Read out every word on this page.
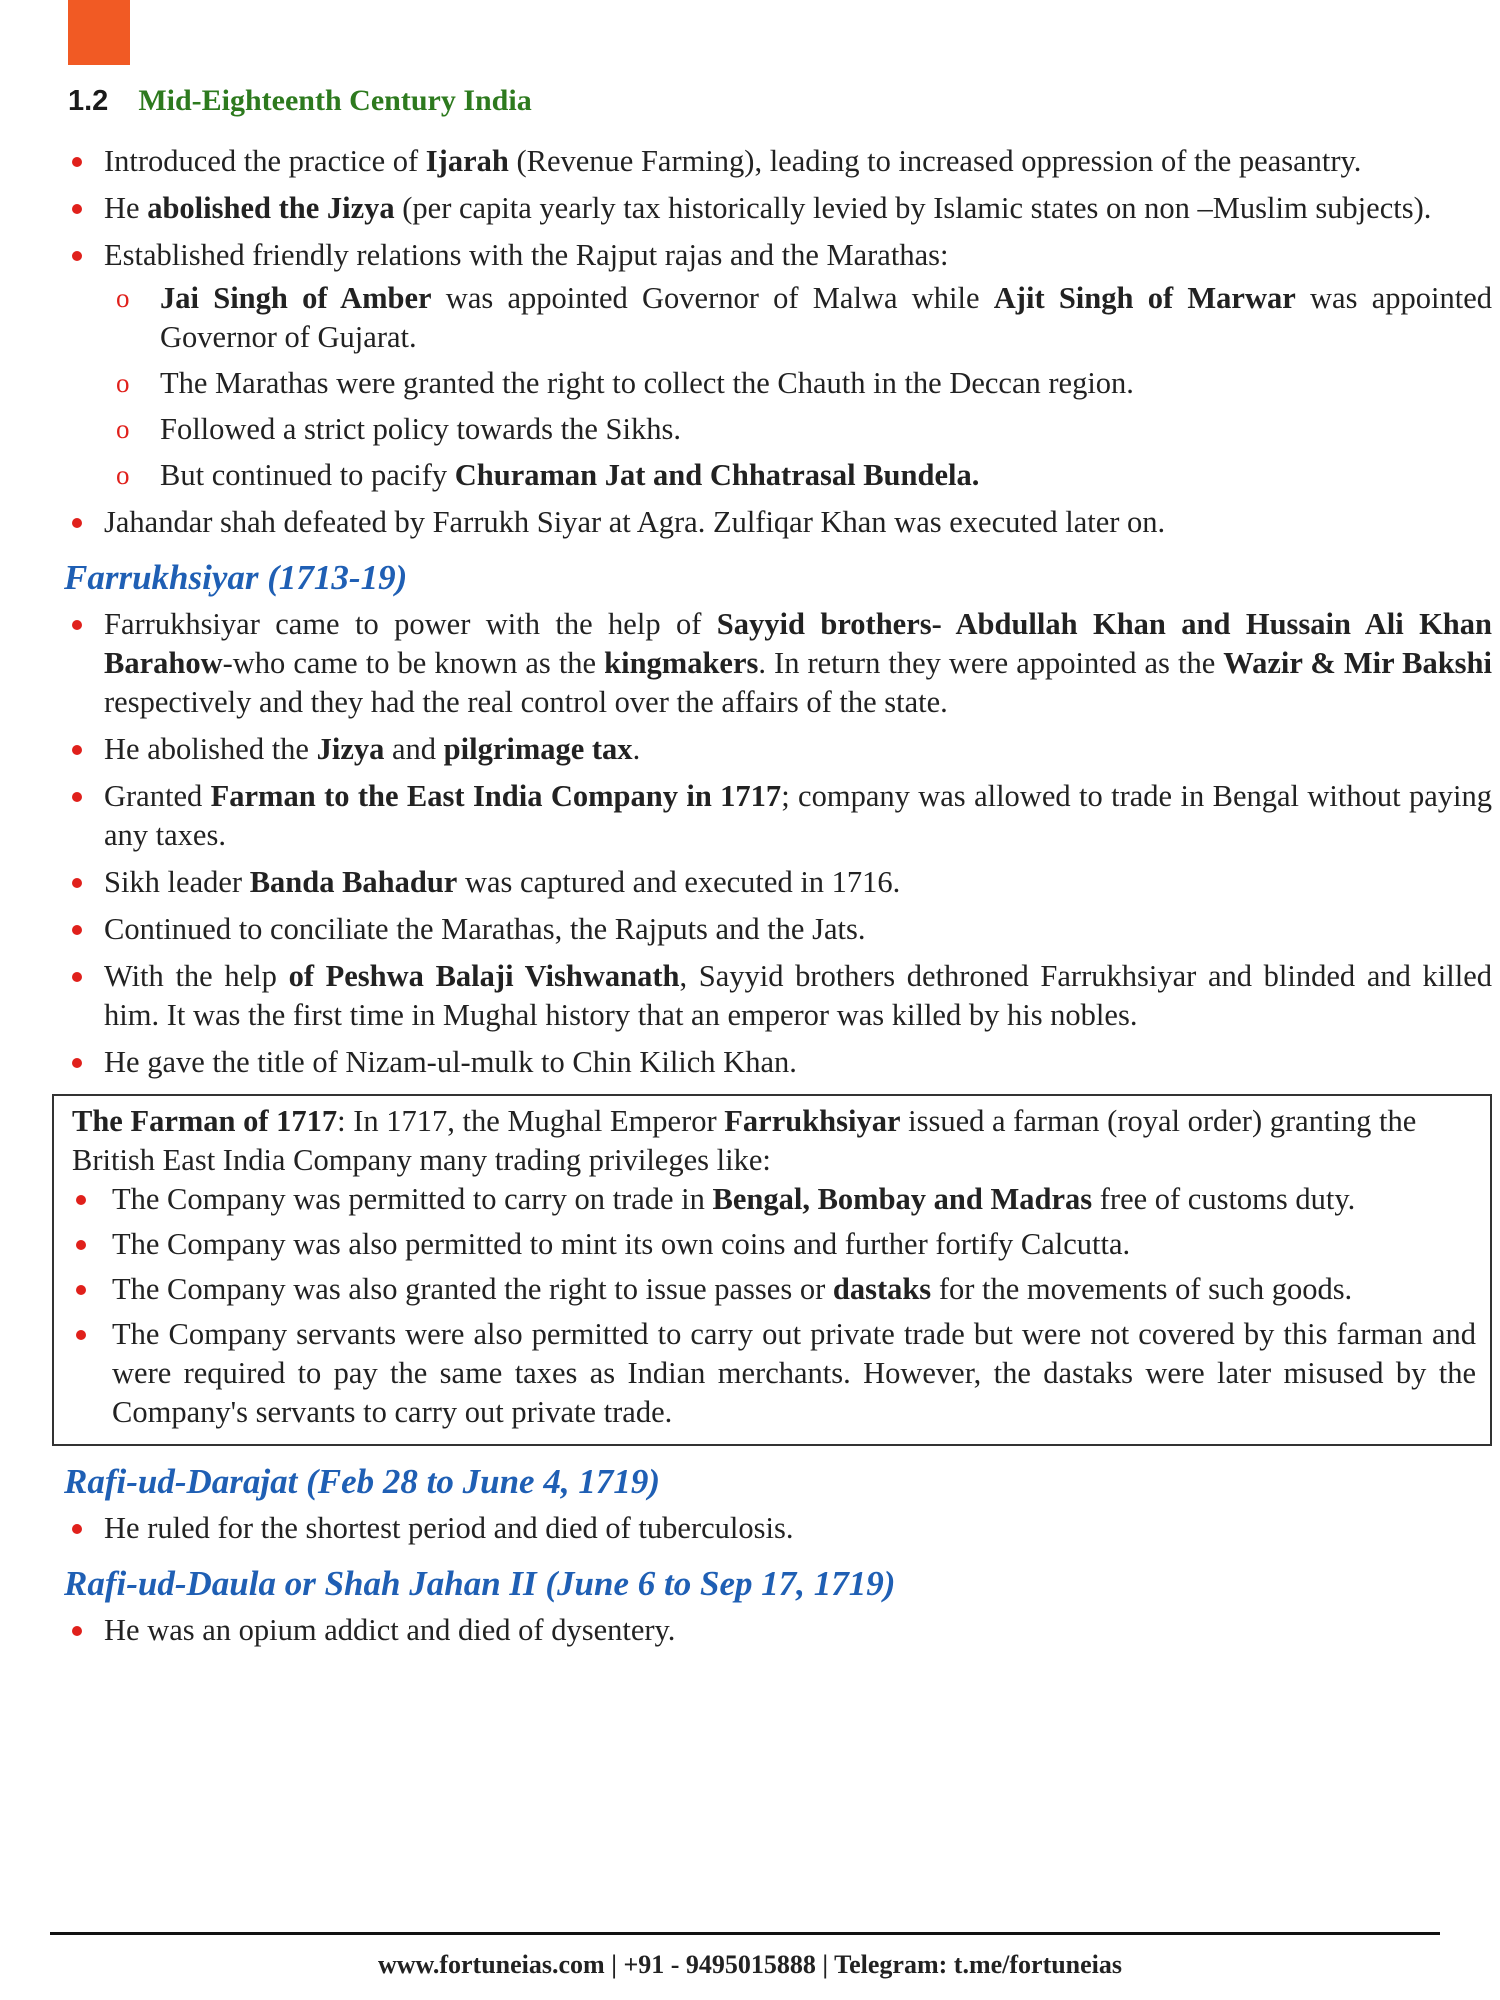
1.2 Mid-Eighteenth Century India
Introduced the practice of Ijarah (Revenue Farming), leading to increased oppression of the peasantry.
He abolished the Jizya (per capita yearly tax historically levied by Islamic states on non –Muslim subjects).
Established friendly relations with the Rajput rajas and the Marathas:
o Jai Singh of Amber was appointed Governor of Malwa while Ajit Singh of Marwar was appointed Governor of Gujarat.
o The Marathas were granted the right to collect the Chauth in the Deccan region.
o Followed a strict policy towards the Sikhs.
o But continued to pacify Churaman Jat and Chhatrasal Bundela.
Jahandar shah defeated by Farrukh Siyar at Agra. Zulfiqar Khan was executed later on.
Farrukhsiyar (1713-19)
Farrukhsiyar came to power with the help of Sayyid brothers- Abdullah Khan and Hussain Ali Khan Barahow-who came to be known as the kingmakers. In return they were appointed as the Wazir & Mir Bakshi respectively and they had the real control over the affairs of the state.
He abolished the Jizya and pilgrimage tax.
Granted Farman to the East India Company in 1717; company was allowed to trade in Bengal without paying any taxes.
Sikh leader Banda Bahadur was captured and executed in 1716.
Continued to conciliate the Marathas, the Rajputs and the Jats.
With the help of Peshwa Balaji Vishwanath, Sayyid brothers dethroned Farrukhsiyar and blinded and killed him. It was the first time in Mughal history that an emperor was killed by his nobles.
He gave the title of Nizam-ul-mulk to Chin Kilich Khan.

The Farman of 1717: In 1717, the Mughal Emperor Farrukhsiyar issued a farman (royal order) granting the British East India Company many trading privileges like:

The Company was permitted to carry on trade in Bengal, Bombay and Madras free of customs duty.
The Company was also permitted to mint its own coins and further fortify Calcutta.
The Company was also granted the right to issue passes or dastaks for the movements of such goods.
The Company servants were also permitted to carry out private trade but were not covered by this farman and were required to pay the same taxes as Indian merchants. However, the dastaks were later misused by the Company's servants to carry out private trade.
Rafi-ud-Darajat (Feb 28 to June 4, 1719)
He ruled for the shortest period and died of tuberculosis.
Rafi-ud-Daula or Shah Jahan II (June 6 to Sep 17, 1719)
He was an opium addict and died of dysentery.
www.fortuneias.com | +91 - 9495015888 | Telegram: t.me/fortuneias
